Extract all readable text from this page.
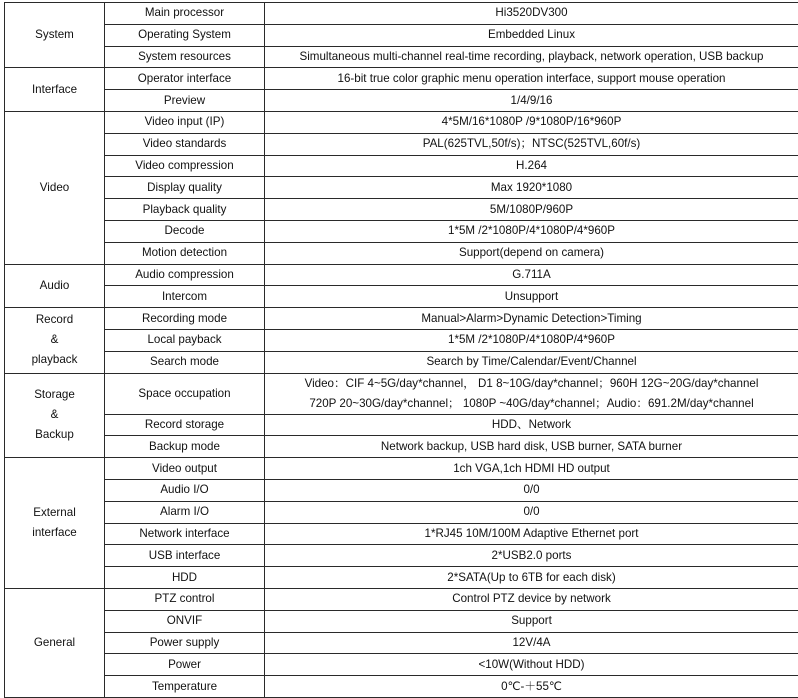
System	Main processor	Hi3520DV300

	Operating System	Embedded Linux

	System resources	Simultaneous multi-channel real-time recording, playback, network operation, USB backup

Interface	Operator interface	16-bit true color graphic menu operation interface, support mouse operation

	Preview	1/4/9/16

Video	Video input (IP)	4*5M/16*1080P /9*1080P/16*960P

	Video standards	PAL(625TVL,50f/s)；NTSC(525TVL,60f/s)

	Video compression	H.264

	Display quality	Max 1920*1080

	Playback quality	5M/1080P/960P

	Decode	1*5M /2*1080P/4*1080P/4*960P

	Motion detection	Support(depend on camera)

Audio	Audio compression	G.711A

	Intercom	Unsupport

Record
&
playback	Recording mode	Manual>Alarm>Dynamic Detection>Timing

	Local payback	1*5M /2*1080P/4*1080P/4*960P

	Search mode	Search by Time/Calendar/Event/Channel

Storage
&
Backup	Space occupation	Video：CIF 4~5G/day*channel， D1 8~10G/day*channel；960H 12G~20G/day*channel
720P 20~30G/day*channel； 1080P ~40G/day*channel；Audio：691.2M/day*channel

	Record storage	HDD、Network

	Backup mode	Network backup, USB hard disk, USB burner, SATA burner

External
interface	Video output	1ch VGA,1ch HDMI HD output

	Audio I/O	0/0

	Alarm I/O	0/0

	Network interface	1*RJ45 10M/100M Adaptive Ethernet port

	USB interface	2*USB2.0 ports

	HDD	2*SATA(Up to 6TB for each disk)

General	PTZ control	Control PTZ device by network

	ONVIF	Support

	Power supply	12V/4A

	Power	<10W(Without HDD)

	Temperature	0℃-＋55℃
